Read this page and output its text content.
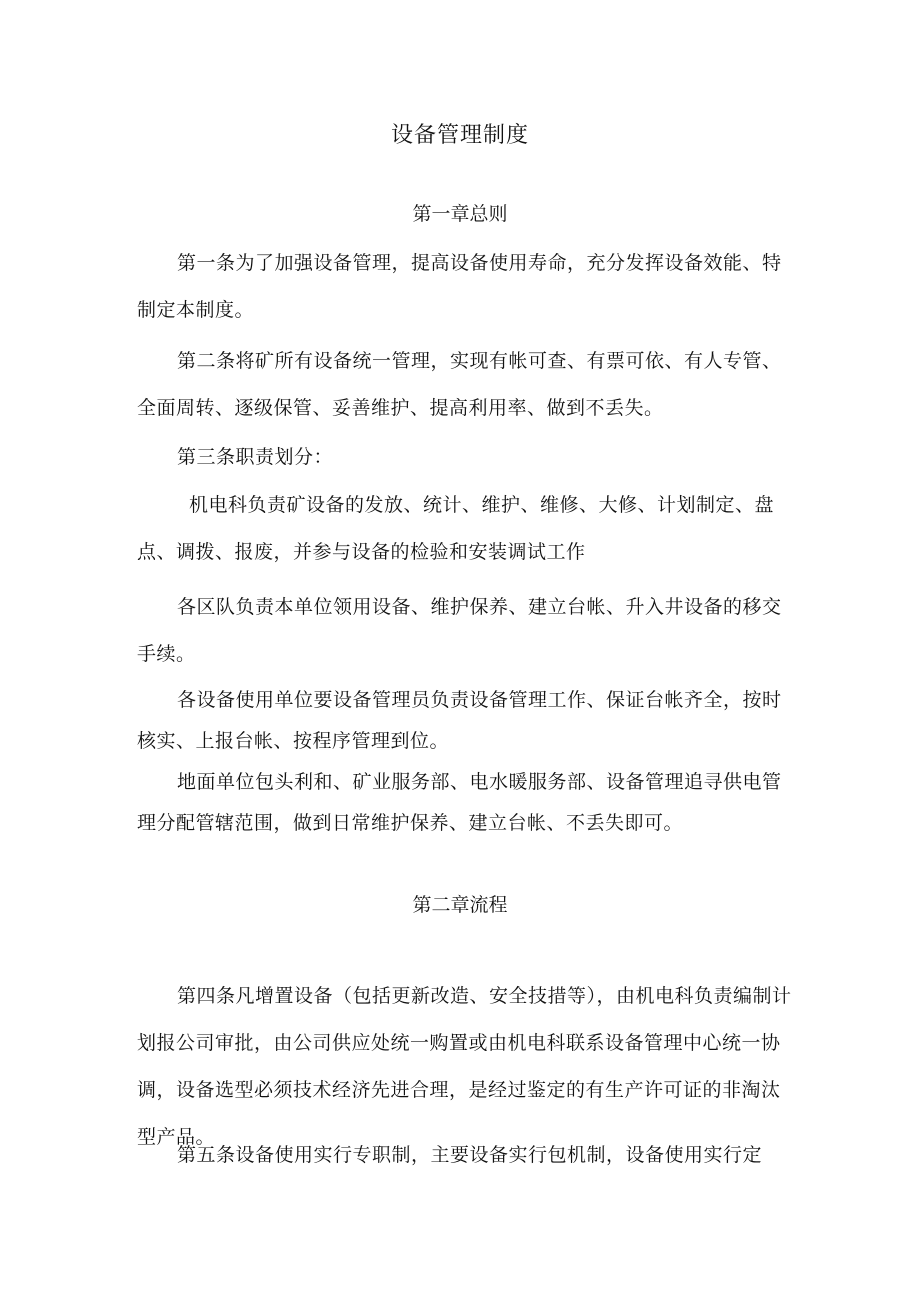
设备管理制度
第一章总则
第一条为了加强设备管理，提高设备使用寿命，充分发挥设备效能、特制定本制度。
第二条将矿所有设备统一管理，实现有帐可查、有票可依、有人专管、全面周转、逐级保管、妥善维护、提高利用率、做到不丢失。
第三条职责划分：
机电科负责矿设备的发放、统计、维护、维修、大修、计划制定、盘点、调拨、报废，并参与设备的检验和安装调试工作
各区队负责本单位领用设备、维护保养、建立台帐、升入井设备的移交手续。
各设备使用单位要设备管理员负责设备管理工作、保证台帐齐全，按时核实、上报台帐、按程序管理到位。
地面单位包头利和、矿业服务部、电水暖服务部、设备管理追寻供电管理分配管辖范围，做到日常维护保养、建立台帐、不丢失即可。
第二章流程
第四条凡增置设备（包括更新改造、安全技措等），由机电科负责编制计划报公司审批，由公司供应处统一购置或由机电科联系设备管理中心统一协调，设备选型必须技术经济先进合理，是经过鉴定的有生产许可证的非淘汰型产品。
第五条设备使用实行专职制，主要设备实行包机制，设备使用实行定
